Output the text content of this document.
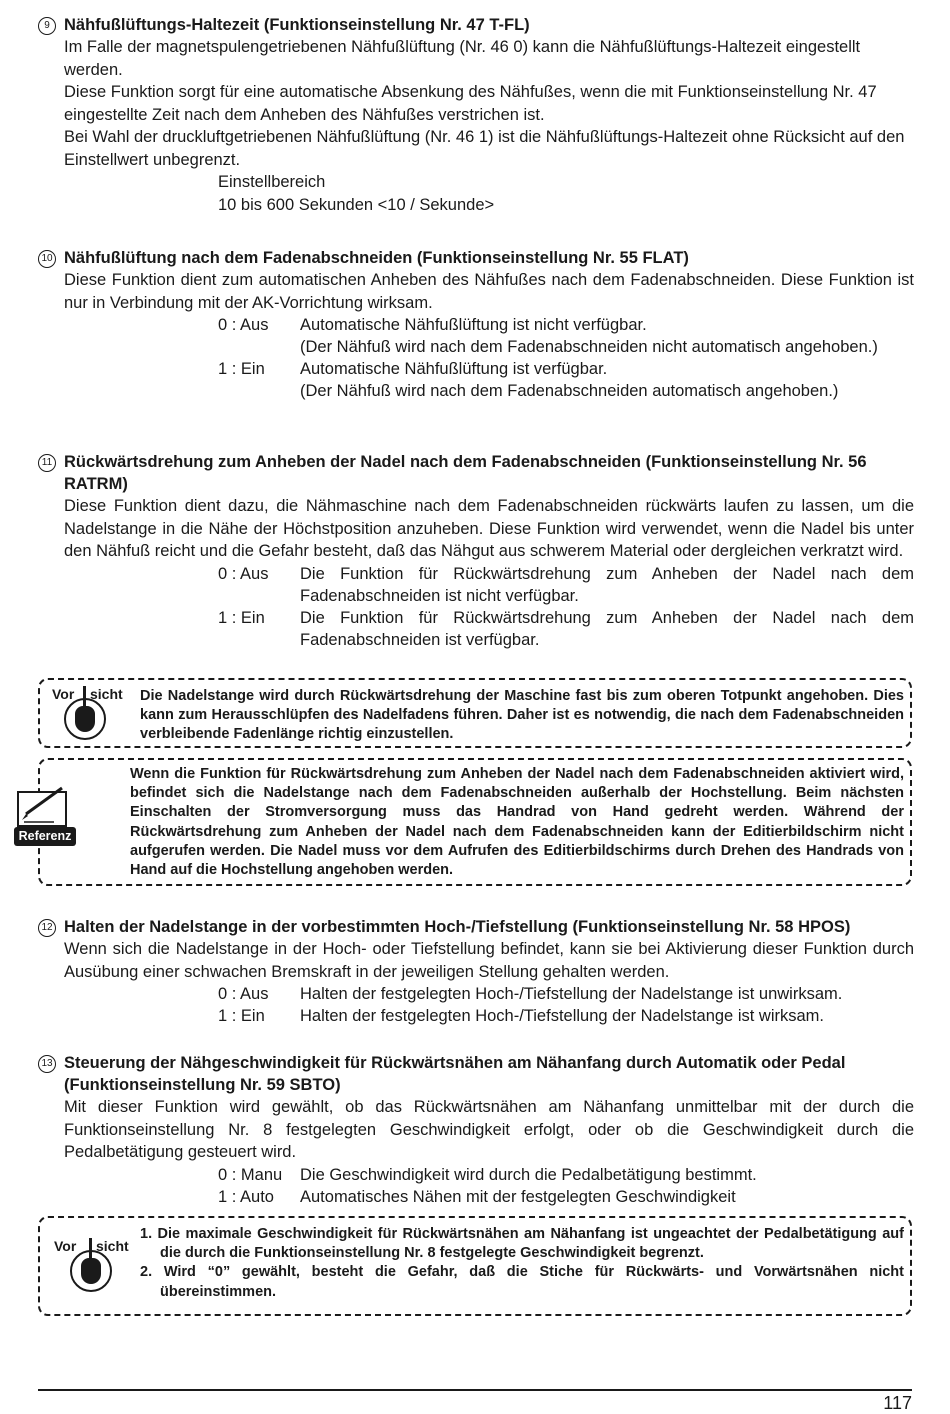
9 Nähfußlüftungs-Haltezeit (Funktionseinstellung Nr. 47 T-FL)

Im Falle der magnetspulengetriebenen Nähfußlüftung (Nr. 46 0) kann die Nähfußlüftungs-Haltezeit eingestellt werden.

Diese Funktion sorgt für eine automatische Absenkung des Nähfußes, wenn die mit Funktionseinstellung Nr. 47 eingestellte Zeit nach dem Anheben des Nähfußes verstrichen ist.

Bei Wahl der druckluftgetriebenen Nähfußlüftung (Nr. 46 1) ist die Nähfußlüftungs-Haltezeit ohne Rücksicht auf den Einstellwert unbegrenzt.

Einstellbereich
10 bis 600 Sekunden <10 / Sekunde>
10 Nähfußlüftung nach dem Fadenabschneiden (Funktionseinstellung Nr. 55 FLAT)

Diese Funktion dient zum automatischen Anheben des Nähfußes nach dem Fadenabschneiden. Diese Funktion ist nur in Verbindung mit der AK-Vorrichtung wirksam.

0 : Aus	Automatische Nähfußlüftung ist nicht verfügbar.
(Der Nähfuß wird nach dem Fadenabschneiden nicht automatisch angehoben.)
1 : Ein	Automatische Nähfußlüftung ist verfügbar.
(Der Nähfuß wird nach dem Fadenabschneiden automatisch angehoben.)
11 Rückwärtsdrehung zum Anheben der Nadel nach dem Fadenabschneiden (Funktionseinstellung Nr. 56 RATRM)

Diese Funktion dient dazu, die Nähmaschine nach dem Fadenabschneiden rückwärts laufen zu lassen, um die Nadelstange in die Nähe der Höchstposition anzuheben. Diese Funktion wird verwendet, wenn die Nadel bis unter den Nähfuß reicht und die Gefahr besteht, daß das Nähgut aus schwerem Material oder dergleichen verkratzt wird.

0 : Aus	Die Funktion für Rückwärtsdrehung zum Anheben der Nadel nach dem Fadenabschneiden ist nicht verfügbar.
1 : Ein	Die Funktion für Rückwärtsdrehung zum Anheben der Nadel nach dem Fadenabschneiden ist verfügbar.
Vor sicht Die Nadelstange wird durch Rückwärtsdrehung der Maschine fast bis zum oberen Totpunkt angehoben. Dies kann zum Herausschlüpfen des Nadelfadens führen. Daher ist es notwendig, die nach dem Fadenabschneiden verbleibende Fadenlänge richtig einzustellen.
Wenn die Funktion für Rückwärtsdrehung zum Anheben der Nadel nach dem Fadenabschneiden aktiviert wird, befindet sich die Nadelstange nach dem Fadenabschneiden außerhalb der Hochstellung. Beim nächsten Einschalten der Stromversorgung muss das Handrad von Hand gedreht werden. Während der Rückwärtsdrehung zum Anheben der Nadel nach dem Fadenabschneiden kann der Editierbildschirm nicht aufgerufen werden. Die Nadel muss vor dem Aufrufen des Editierbildschirms durch Drehen des Handrads von Hand auf die Hochstellung angehoben werden.
Referenz
12 Halten der Nadelstange in der vorbestimmten Hoch-/Tiefstellung (Funktionseinstellung Nr. 58 HPOS)

Wenn sich die Nadelstange in der Hoch- oder Tiefstellung befindet, kann sie bei Aktivierung dieser Funktion durch Ausübung einer schwachen Bremskraft in der jeweiligen Stellung gehalten werden.

0 : Aus	Halten der festgelegten Hoch-/Tiefstellung der Nadelstange ist unwirksam.
1 : Ein	Halten der festgelegten Hoch-/Tiefstellung der Nadelstange ist wirksam.
13 Steuerung der Nähgeschwindigkeit für Rückwärtsnähen am Nähanfang durch Automatik oder Pedal (Funktionseinstellung Nr. 59 SBTO)

Mit dieser Funktion wird gewählt, ob das Rückwärtsnähen am Nähanfang unmittelbar mit der durch die Funktionseinstellung Nr. 8 festgelegten Geschwindigkeit erfolgt, oder ob die Geschwindigkeit durch die Pedalbetätigung gesteuert wird.

0 : Manu	Die Geschwindigkeit wird durch die Pedalbetätigung bestimmt.
1 : Auto	Automatisches Nähen mit der festgelegten Geschwindigkeit
Vor sicht
1. Die maximale Geschwindigkeit für Rückwärtsnähen am Nähanfang ist ungeachtet der Pedalbetätigung auf die durch die Funktionseinstellung Nr. 8 festgelegte Geschwindigkeit begrenzt.
2. Wird “0” gewählt, besteht die Gefahr, daß die Stiche für Rückwärts- und Vorwärtsnähen nicht übereinstimmen.
117
